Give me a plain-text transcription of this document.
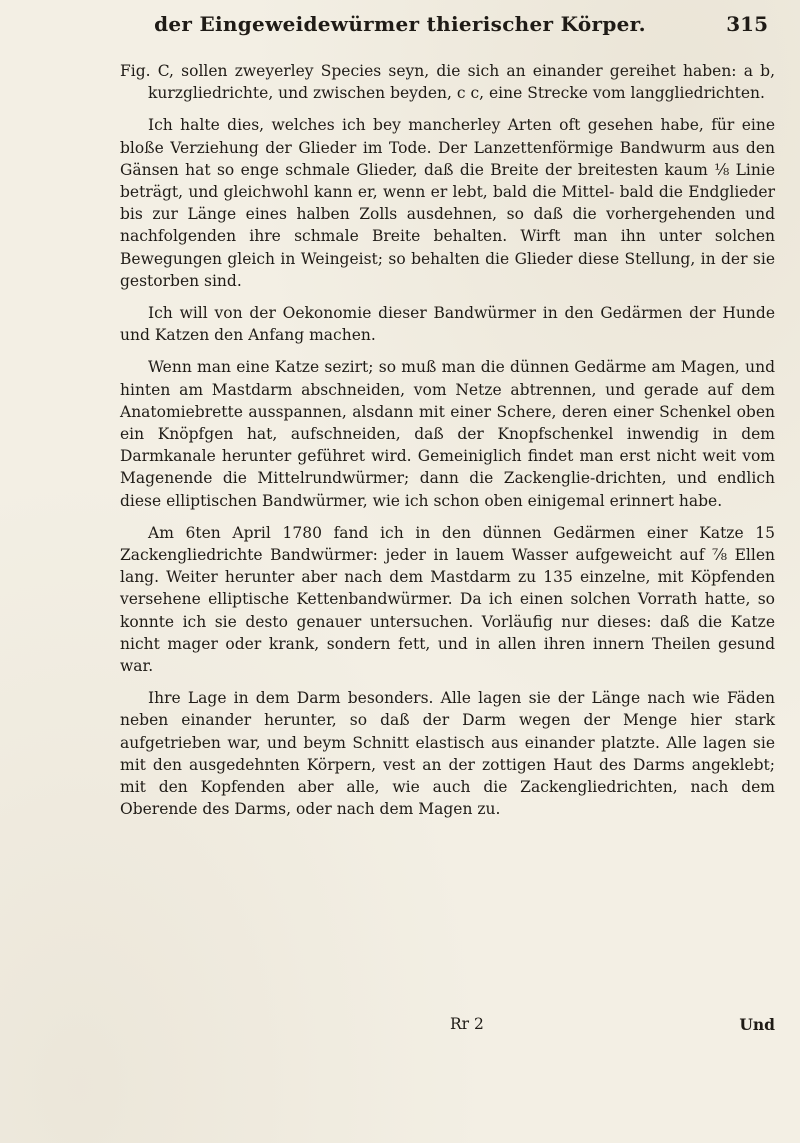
der Eingeweidewürmer thierischer Körper.	315

Fig. C, sollen zweyerley Species seyn, die sich an einander gereihet haben: a b, kurzgliedrichte, und zwischen beyden, c c, eine Strecke vom langgliedrichten.

Ich halte dies, welches ich bey mancherley Arten oft gesehen habe, für eine bloße Verziehung der Glieder im Tode. Der Lanzettenförmige Bandwurm aus den Gänsen hat so enge schmale Glieder, daß die Breite der breitesten kaum ⅛ Linie beträgt, und gleichwohl kann er, wenn er lebt, bald die Mittel- bald die Endglieder bis zur Länge eines halben Zolls ausdehnen, so daß die vorhergehenden und nachfolgenden ihre schmale Breite behalten. Wirft man ihn unter solchen Bewegungen gleich in Weingeist; so behalten die Glieder diese Stellung, in der sie gestorben sind.

Ich will von der Oekonomie dieser Bandwürmer in den Gedärmen der Hunde und Katzen den Anfang machen.

Wenn man eine Katze sezirt; so muß man die dünnen Gedärme am Magen, und hinten am Mastdarm abschneiden, vom Netze abtrennen, und gerade auf dem Anatomiebrette ausspannen, alsdann mit einer Schere, deren einer Schenkel oben ein Knöpfgen hat, aufschneiden, daß der Knopfschenkel inwendig in dem Darmkanale herunter geführet wird. Gemeiniglich findet man erst nicht weit vom Magenende die Mittelrundwürmer; dann die Zackenglie-drichten, und endlich diese elliptischen Bandwürmer, wie ich schon oben einigemal erinnert habe.

Am 6ten April 1780 fand ich in den dünnen Gedärmen einer Katze 15 Zackengliedrichte Bandwürmer: jeder in lauem Wasser aufgeweicht auf ⅞ Ellen lang. Weiter herunter aber nach dem Mastdarm zu 135 einzelne, mit Köpfenden versehene elliptische Kettenbandwürmer. Da ich einen solchen Vorrath hatte, so konnte ich sie desto genauer untersuchen. Vorläufig nur dieses: daß die Katze nicht mager oder krank, sondern fett, und in allen ihren innern Theilen gesund war.

Ihre Lage in dem Darm besonders. Alle lagen sie der Länge nach wie Fäden neben einander herunter, so daß der Darm wegen der Menge hier stark aufgetrieben war, und beym Schnitt elastisch aus einander platzte. Alle lagen sie mit den ausgedehnten Körpern, vest an der zottigen Haut des Darms angeklebt; mit den Kopfenden aber alle, wie auch die Zackengliedrichten, nach dem Oberende des Darms, oder nach dem Magen zu.

Rr 2	Und
